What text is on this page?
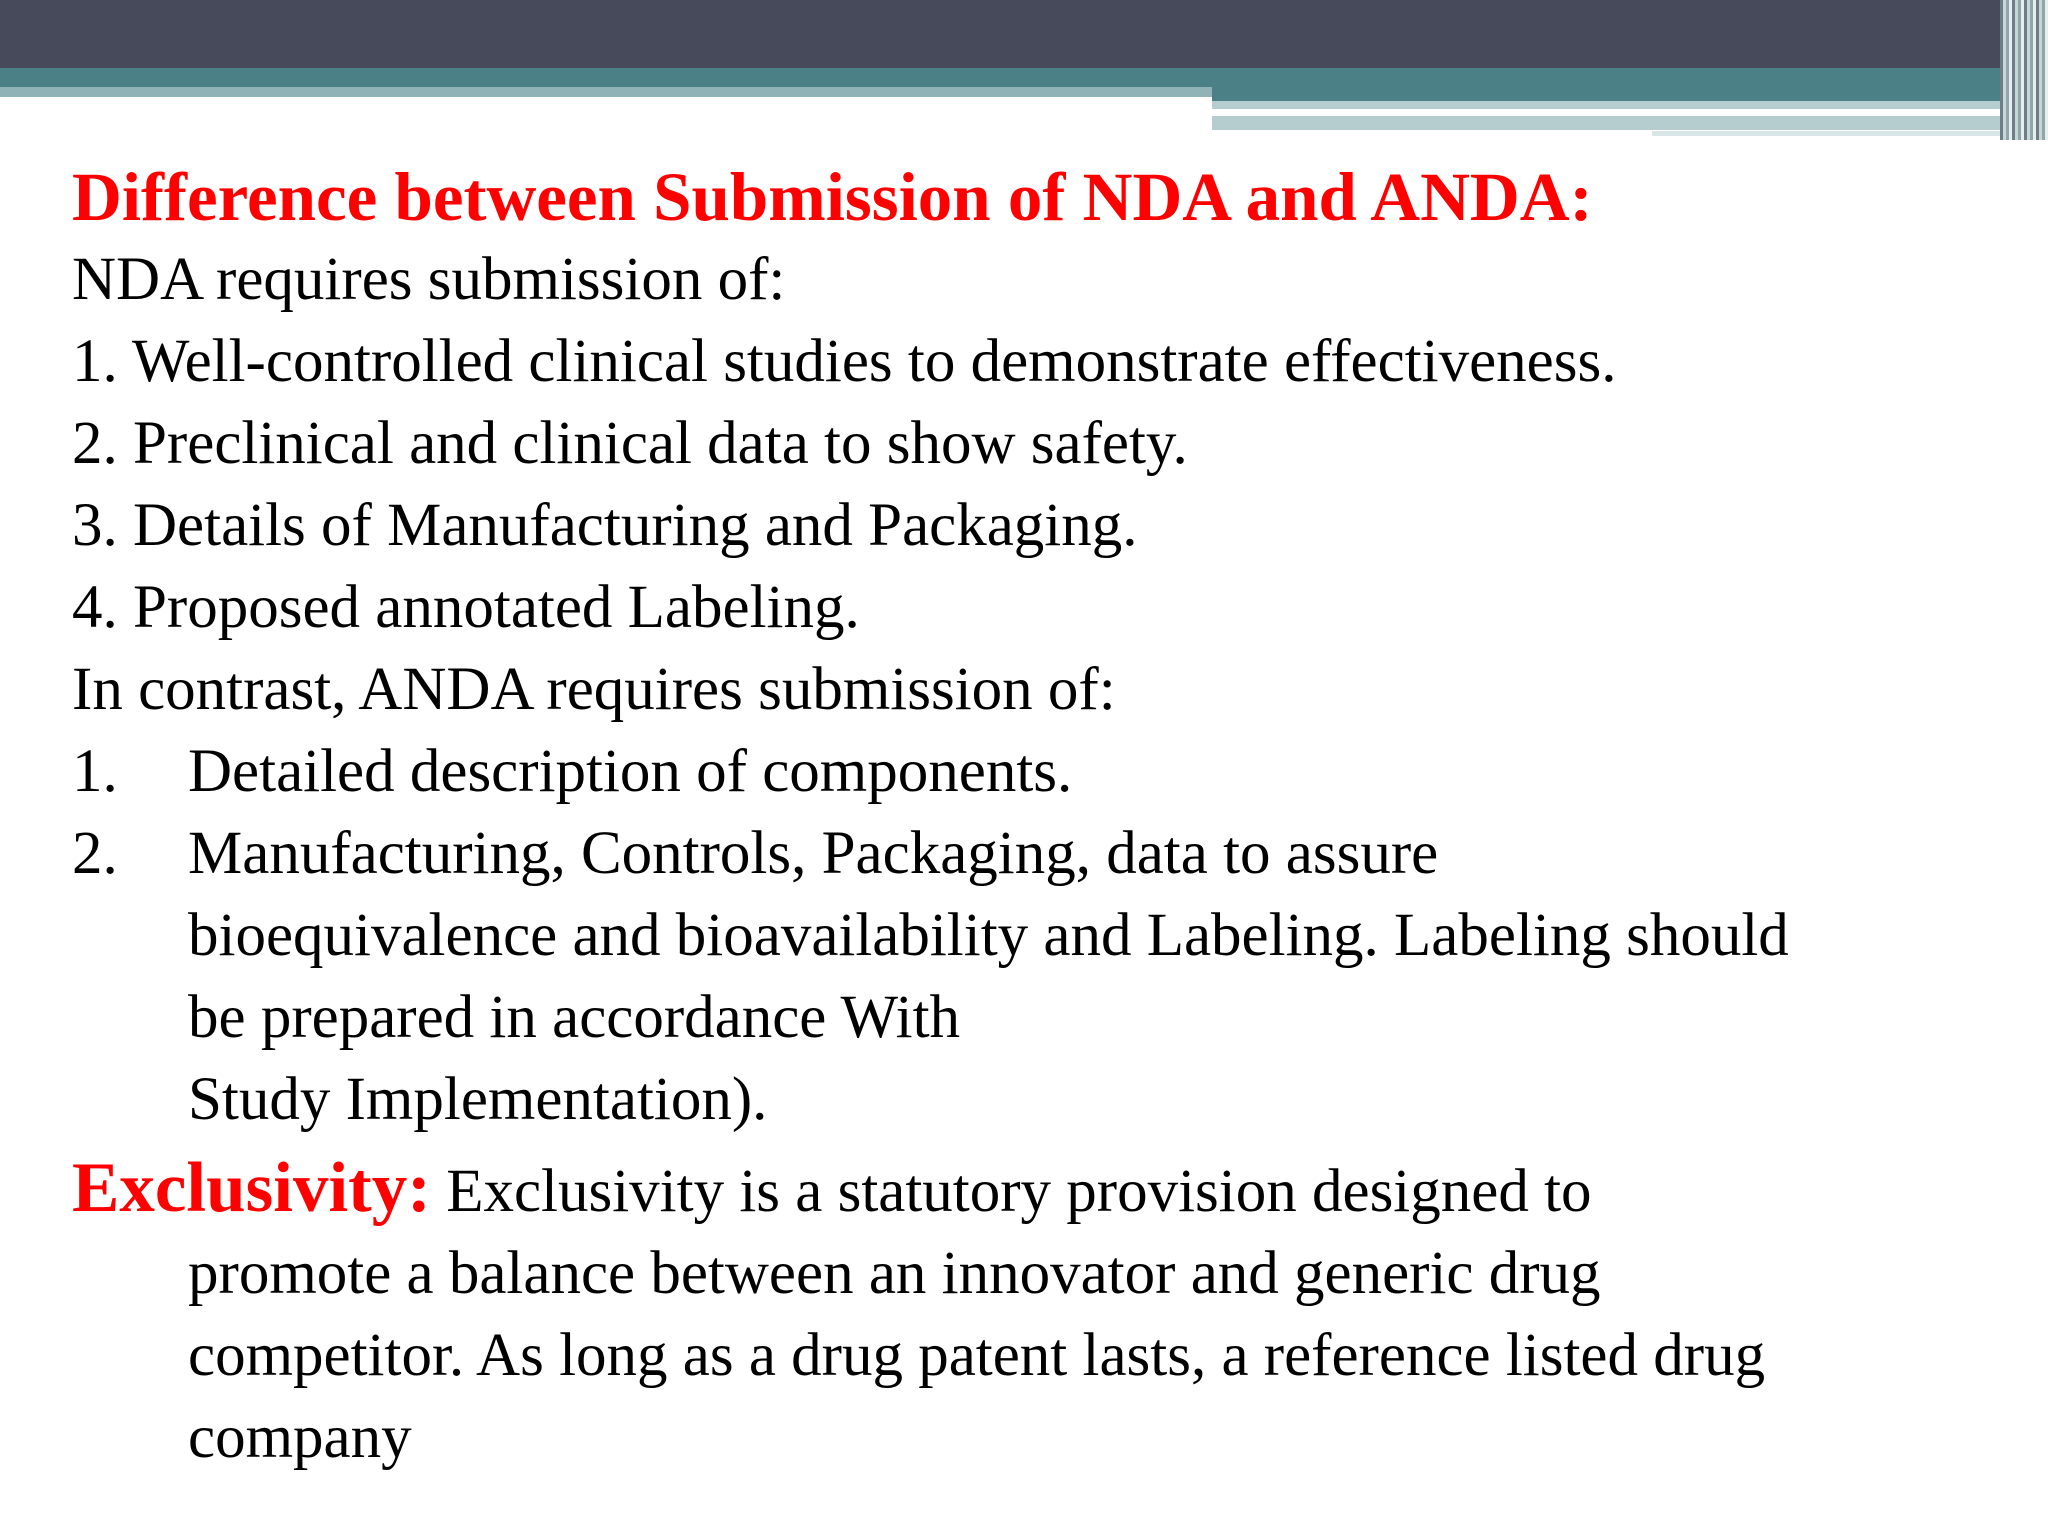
Difference between Submission of NDA and ANDA:
NDA requires submission of:
1. Well-controlled clinical studies to demonstrate effectiveness.
2. Preclinical and clinical data to show safety.
3. Details of Manufacturing and Packaging.
4. Proposed annotated Labeling.
In contrast, ANDA requires submission of:
1.	Detailed description of components.
2.	Manufacturing, Controls, Packaging, data to assure
bioequivalence and bioavailability and Labeling. Labeling should
be prepared in accordance With
Study Implementation).
Exclusivity: Exclusivity is a statutory provision designed to
promote a balance between an innovator and generic drug
competitor. As long as a drug patent lasts, a reference listed drug
company
